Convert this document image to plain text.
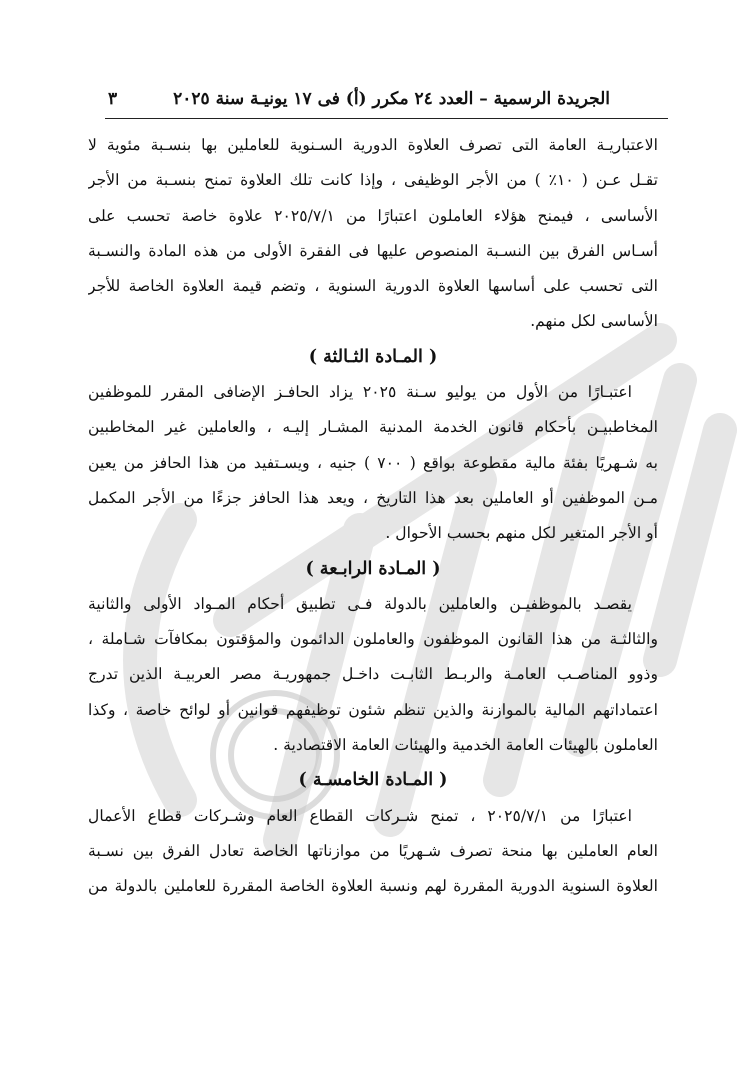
الجريدة الرسمية – العدد ٢٤ مكرر (أ) فى ١٧ يونيـة سنة ٢٠٢٥
٣
الاعتباريـة العامة التى تصرف العلاوة الدورية السـنوية للعاملين بها بنسـبة مئوية لا
تقـل عـن ( ١٠٪ ) من الأجر الوظيفى ، وإذا كانت تلك العلاوة تمنح بنسـبة من الأجر
الأساسى ، فيمنح هؤلاء العاملون اعتبارًا من ٢٠٢٥/٧/١ علاوة خاصة تحسب على
أسـاس الفرق بين النسـبة المنصوص عليها فى الفقرة الأولى من هذه المادة والنسـبة
التى تحسب على أساسها العلاوة الدورية السنوية ، وتضم قيمة العلاوة الخاصة للأجر
الأساسى لكل منهم.
( المـادة الثـالثة )
اعتبـارًا من الأول من يوليو سـنة ٢٠٢٥ يزاد الحافـز الإضافى المقرر للموظفين
المخاطبيـن بأحكام قانون الخدمة المدنية المشـار إليـه ، والعاملين غير المخاطبين
به شـهريًا بفئة مالية مقطوعة بواقع ( ٧٠٠ ) جنيه ، ويسـتفيد من هذا الحافز من يعين
مـن الموظفين أو العاملين بعد هذا التاريخ ، ويعد هذا الحافز جزءًا من الأجر المكمل
أو الأجر المتغير لكل منهم بحسب الأحوال .
( المـادة الرابـعة )
يقصـد بالموظفيـن والعاملين بالدولة فـى تطبيق أحكام المـواد الأولى والثانية
والثالثـة من هذا القانون الموظفون والعاملون الدائمون والمؤقتون بمكافآت شـاملة ،
وذوو المناصـب العامـة والربـط الثابـت داخـل جمهوريـة مصر العربيـة الذين تدرج
اعتماداتهم المالية بالموازنة والذين تنظم شئون توظيفهم قوانين أو لوائح خاصة ، وكذا
العاملون بالهيئات العامة الخدمية والهيئات العامة الاقتصادية .
( المـادة الخامسـة )
اعتبارًا من ٢٠٢٥/٧/١ ، تمنح شـركات القطاع العام وشـركات قطاع الأعمال
العام العاملين بها منحة تصرف شـهريًا من موازناتها الخاصة تعادل الفرق بين نسـبة
العلاوة السنوية الدورية المقررة لهم ونسبة العلاوة الخاصة المقررة للعاملين بالدولة من
